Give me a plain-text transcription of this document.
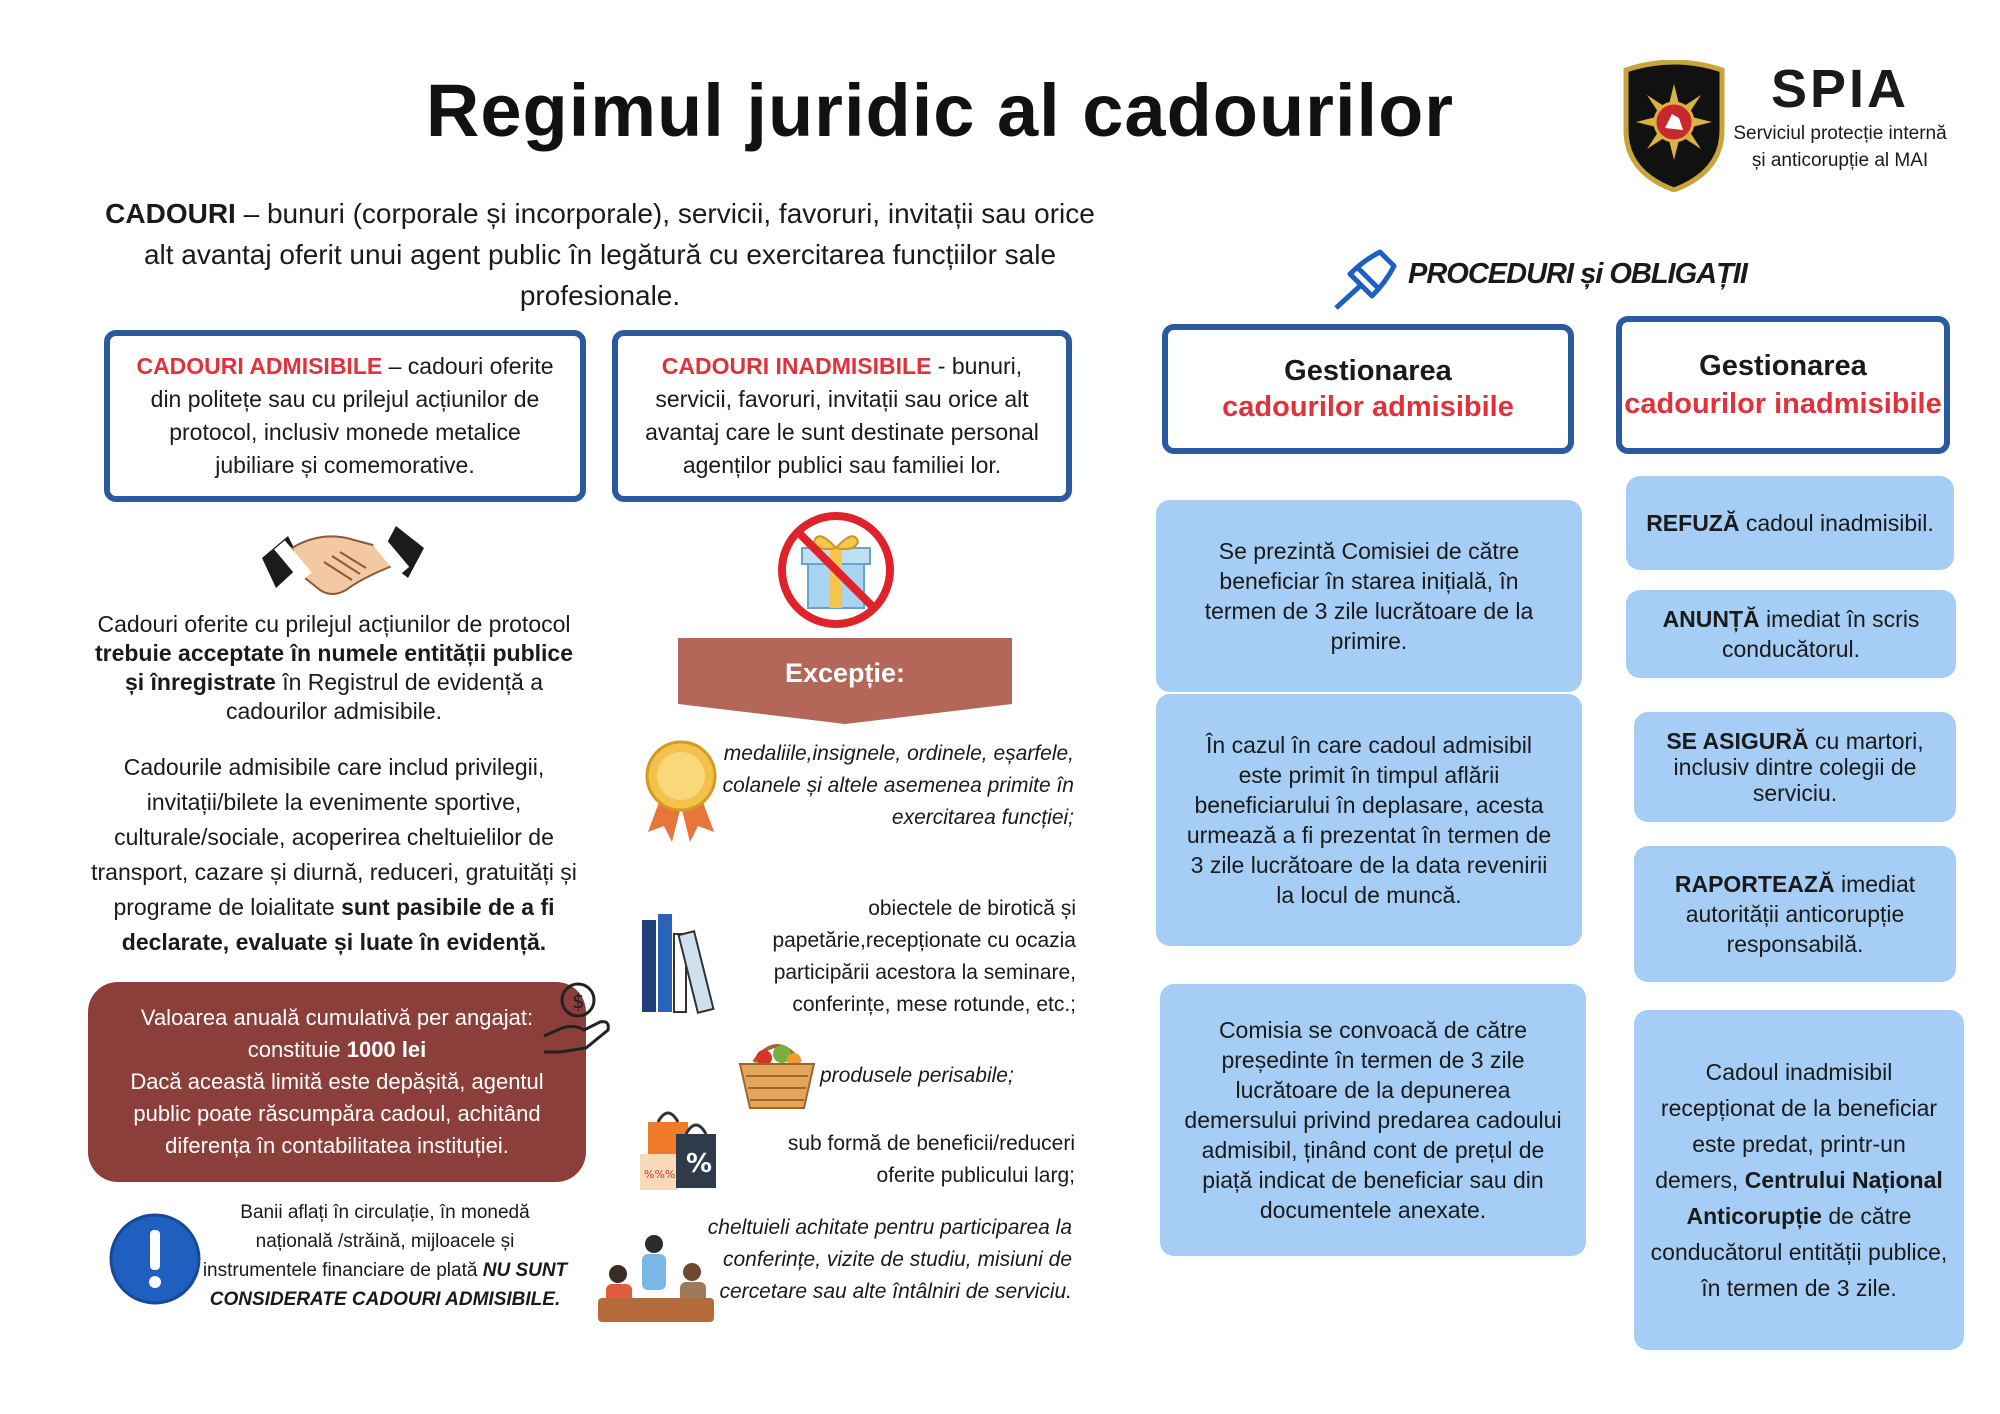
Regimul juridic al cadourilor	SPIA
Serviciul protecție internă și anticorupție al MAI
CADOURI – bunuri (corporale și incorporale), servicii, favoruri, invitații sau orice alt avantaj oferit unui agent public în legătură cu exercitarea funcțiilor sale profesionale.
CADOURI ADMISIBILE – cadouri oferite din politețe sau cu prilejul acțiunilor de protocol, inclusiv monede metalice jubiliare și comemorative.
CADOURI INADMISIBILE - bunuri, servicii, favoruri, invitații sau orice alt avantaj care le sunt destinate personal agenților publici sau familiei lor.
Cadouri oferite cu prilejul acțiunilor de protocol trebuie acceptate în numele entității publice și înregistrate în Registrul de evidență a cadourilor admisibile.
Cadourile admisibile care includ privilegii, invitații/bilete la evenimente sportive, culturale/sociale, acoperirea cheltuielilor de transport, cazare și diurnă, reduceri, gratuități și programe de loialitate sunt pasibile de a fi declarate, evaluate și luate în evidență.
Valoarea anuală cumulativă per angajat: constituie 1000 lei
Dacă această limită este depășită, agentul public poate răscumpăra cadoul, achitând diferența în contabilitatea instituției.
$
Banii aflați în circulație, în monedă națională /străină, mijloacele și instrumentele financiare de plată NU SUNT CONSIDERATE CADOURI ADMISIBILE.
Excepție:
medaliile,insignele, ordinele, eșarfele, colanele și altele asemenea primite în exercitarea funcției;
obiectele de birotică și papetărie,recepționate cu ocazia participării acestora la seminare, conferințe, mese rotunde, etc.;
produsele perisabile;
%%% %
sub formă de beneficii/reduceri oferite publicului larg;
cheltuieli achitate pentru participarea la conferințe, vizite de studiu, misiuni de cercetare sau alte întâlniri de serviciu.
PROCEDURI și OBLIGAȚII
Gestionarea
cadourilor admisibile
Gestionarea
cadourilor inadmisibile
Se prezintă Comisiei de către beneficiar în starea inițială, în termen de 3 zile lucrătoare de la primire.
În cazul în care cadoul admisibil este primit în timpul aflării beneficiarului în deplasare, acesta urmează a fi prezentat în termen de 3 zile lucrătoare de la data revenirii la locul de muncă.
Comisia se convoacă de către președinte în termen de 3 zile lucrătoare de la depunerea demersului privind predarea cadoului admisibil, ținând cont de prețul de piață indicat de beneficiar sau din documentele anexate.
REFUZĂ cadoul inadmisibil.
ANUNȚĂ imediat în scris conducătorul.
SE ASIGURĂ cu martori, inclusiv dintre colegii de serviciu.
RAPORTEAZĂ imediat autorității anticorupție responsabilă.
Cadoul inadmisibil recepționat de la beneficiar este predat, printr-un demers, Centrului Național Anticorupție de către conducătorul entității publice, în termen de 3 zile.
